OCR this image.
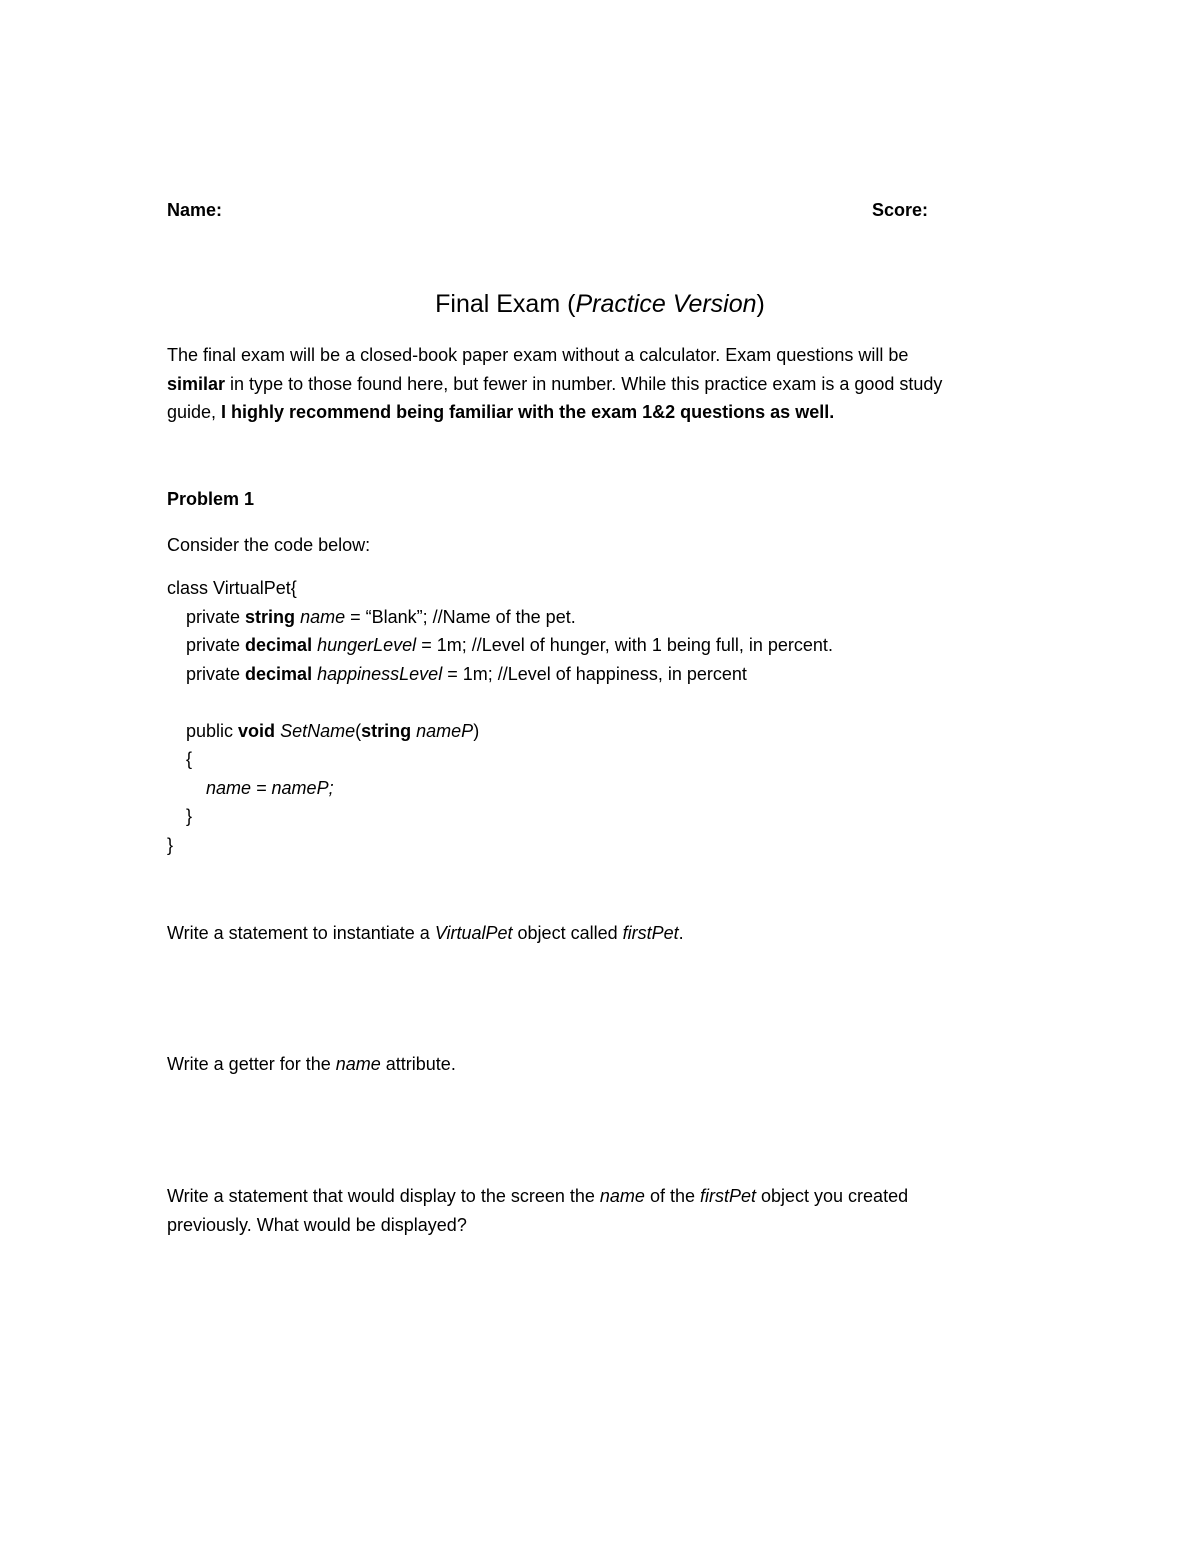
Name:	Score:
Final Exam (Practice Version)
The final exam will be a closed-book paper exam without a calculator. Exam questions will be
similar in type to those found here, but fewer in number. While this practice exam is a good study
guide, I highly recommend being familiar with the exam 1&2 questions as well.
Problem 1
Consider the code below:
class VirtualPet{
private string name = “Blank”; //Name of the pet.
private decimal hungerLevel = 1m; //Level of hunger, with 1 being full, in percent.
private decimal happinessLevel = 1m; //Level of happiness, in percent
public void SetName(string nameP)
{
name = nameP;
}
}
Write a statement to instantiate a VirtualPet object called firstPet.
Write a getter for the name attribute.
Write a statement that would display to the screen the name of the firstPet object you created
previously. What would be displayed?
